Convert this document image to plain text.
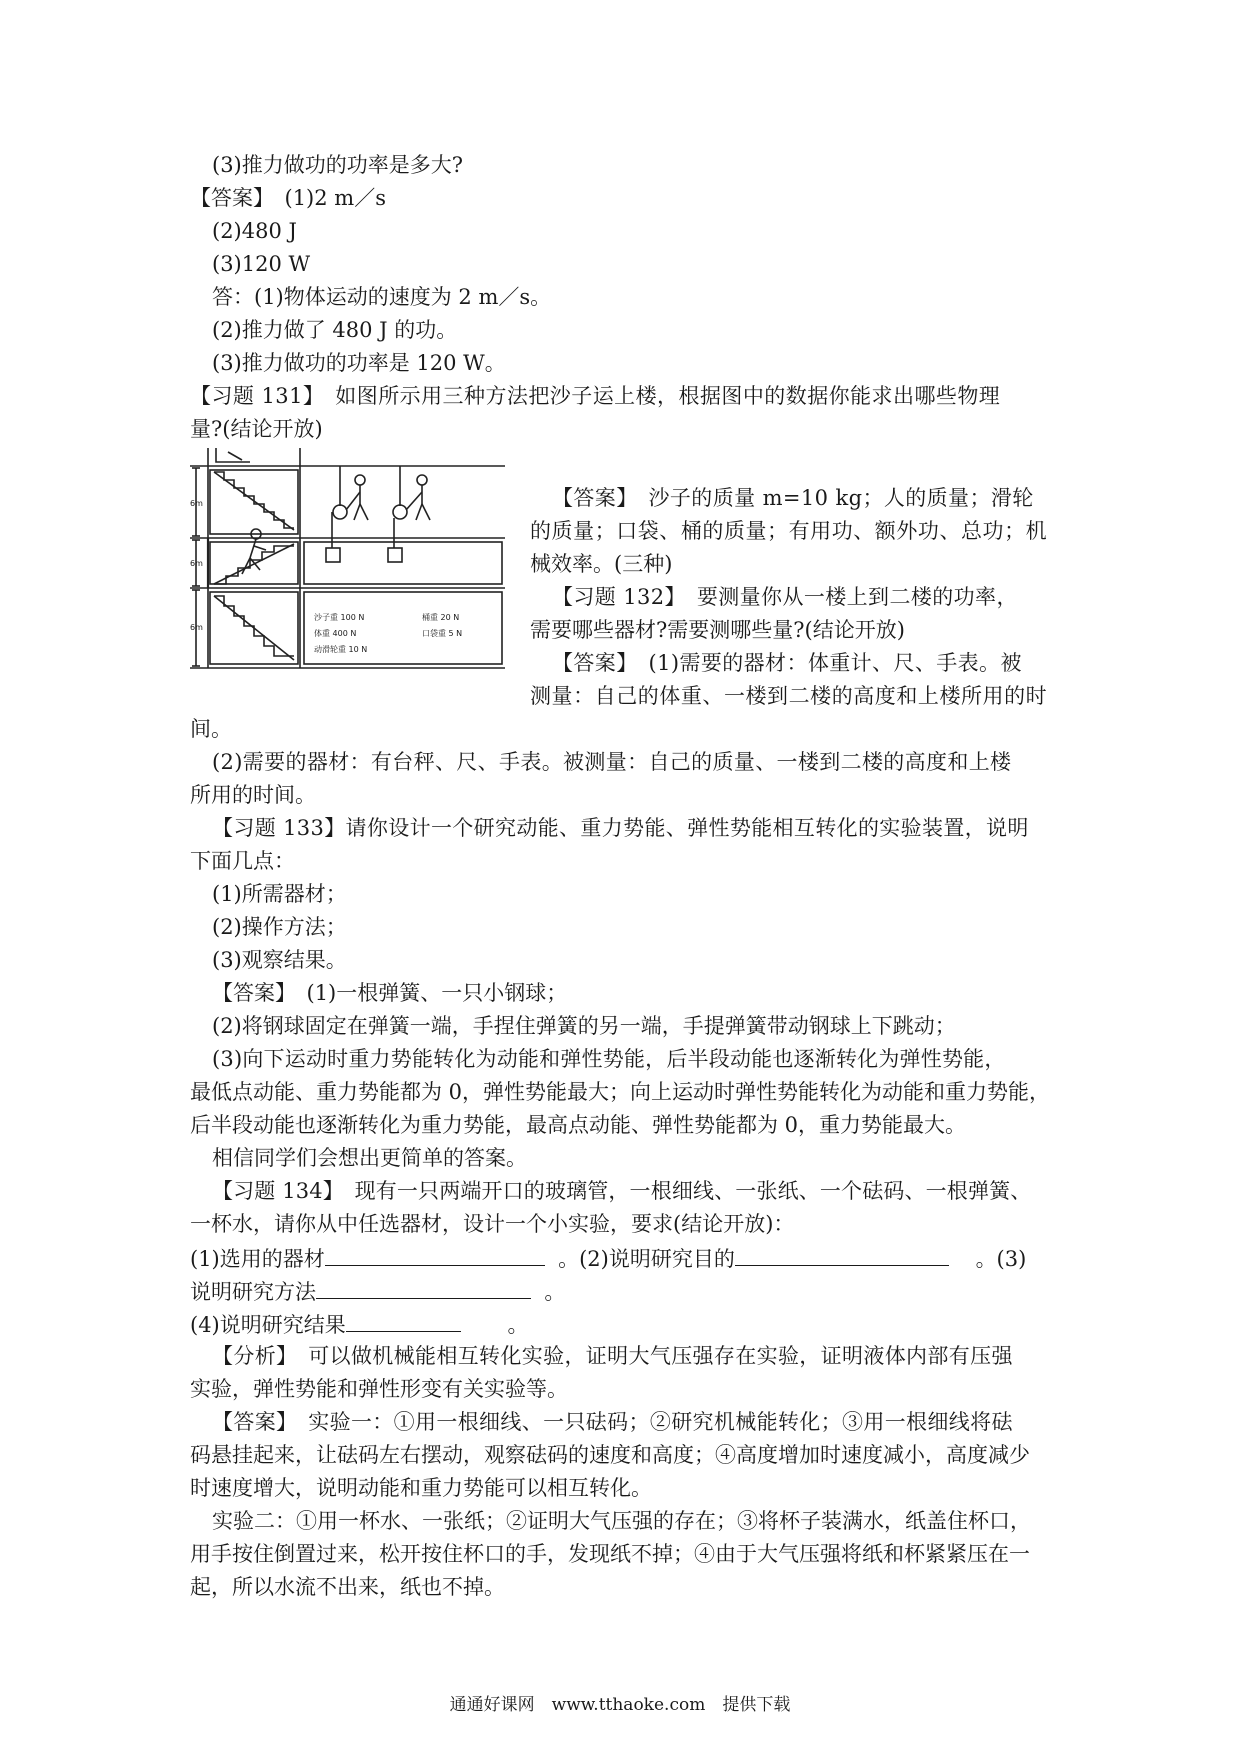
(3)推力做功的功率是多大?
【答案】　(1)2 m／s
(2)480 J
(3)120 W
答：(1)物体运动的速度为 2 m／s。
(2)推力做了 480 J 的功。
(3)推力做功的功率是 120 W。
【习题 131】　如图所示用三种方法把沙子运上楼，根据图中的数据你能求出哪些物理
量?(结论开放)
6m
6m
6m
沙子重 100 N	桶重 20 N
体重 400 N	口袋重 5 N
动滑轮重 10 N
【答案】　沙子的质量 m=10 kg；人的质量；滑轮
的质量；口袋、桶的质量；有用功、额外功、总功；机
械效率。(三种)
【习题 132】　要测量你从一楼上到二楼的功率，
需要哪些器材?需要测哪些量?(结论开放)
【答案】　(1)需要的器材：体重计、尺、手表。被
测量：自己的体重、一楼到二楼的高度和上楼所用的时
间。
(2)需要的器材：有台秤、尺、手表。被测量：自己的质量、一楼到二楼的高度和上楼
所用的时间。
【习题 133】请你设计一个研究动能、重力势能、弹性势能相互转化的实验装置，说明
下面几点：
(1)所需器材；
(2)操作方法；
(3)观察结果。
【答案】　(1)一根弹簧、一只小钢球；
(2)将钢球固定在弹簧一端，手捏住弹簧的另一端，手提弹簧带动钢球上下跳动；
(3)向下运动时重力势能转化为动能和弹性势能，后半段动能也逐渐转化为弹性势能，
最低点动能、重力势能都为 0，弹性势能最大；向上运动时弹性势能转化为动能和重力势能，
后半段动能也逐渐转化为重力势能，最高点动能、弹性势能都为 0，重力势能最大。
相信同学们会想出更简单的答案。
【习题 134】　现有一只两端开口的玻璃管，一根细线、一张纸、一个砝码、一根弹簧、
一杯水，请你从中任选器材，设计一个小实验，要求(结论开放)：
(1)选用的器材	。(2)说明研究目的	。(3)
说明研究方法	。
(4)说明研究结果	。
【分析】　可以做机械能相互转化实验，证明大气压强存在实验，证明液体内部有压强
实验，弹性势能和弹性形变有关实验等。
【答案】　实验一：①用一根细线、一只砝码；②研究机械能转化；③用一根细线将砝
码悬挂起来，让砝码左右摆动，观察砝码的速度和高度；④高度增加时速度减小，高度减少
时速度增大，说明动能和重力势能可以相互转化。
实验二：①用一杯水、一张纸；②证明大气压强的存在；③将杯子装满水，纸盖住杯口，
用手按住倒置过来，松开按住杯口的手，发现纸不掉；④由于大气压强将纸和杯紧紧压在一
起，所以水流不出来，纸也不掉。
通通好课网　www.tthaoke.com　提供下载
